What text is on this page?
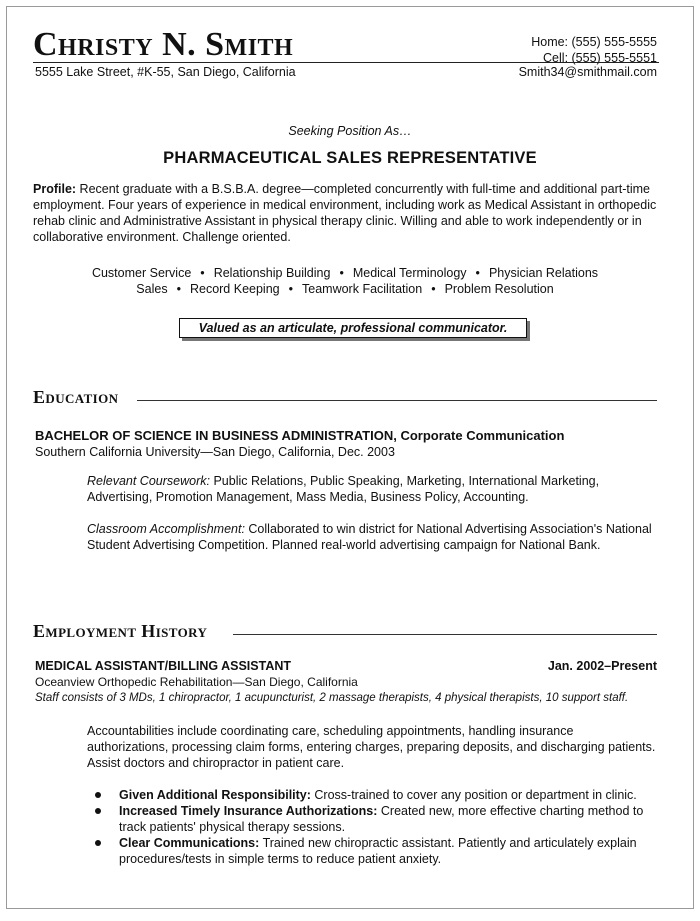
Christy N. Smith	Home: (555) 555-5555
Cell: (555) 555-5551
5555 Lake Street, #K-55, San Diego, California	Smith34@smithmail.com
Seeking Position As…
PHARMACEUTICAL SALES REPRESENTATIVE
Profile: Recent graduate with a B.S.B.A. degree—completed concurrently with full-time and additional part-time employment. Four years of experience in medical environment, including work as Medical Assistant in orthopedic rehab clinic and Administrative Assistant in physical therapy clinic. Willing and able to work independently or in collaborative environment. Challenge oriented.
Customer Service • Relationship Building • Medical Terminology • Physician Relations
Sales • Record Keeping • Teamwork Facilitation • Problem Resolution
Valued as an articulate, professional communicator.
Education
BACHELOR OF SCIENCE IN BUSINESS ADMINISTRATION, Corporate Communication
Southern California University—San Diego, California, Dec. 2003
Relevant Coursework: Public Relations, Public Speaking, Marketing, International Marketing, Advertising, Promotion Management, Mass Media, Business Policy, Accounting.
Classroom Accomplishment: Collaborated to win district for National Advertising Association's National Student Advertising Competition. Planned real-world advertising campaign for National Bank.
Employment History
MEDICAL ASSISTANT/BILLING ASSISTANT	Jan. 2002–Present
Oceanview Orthopedic Rehabilitation—San Diego, California
Staff consists of 3 MDs, 1 chiropractor, 1 acupuncturist, 2 massage therapists, 4 physical therapists, 10 support staff.
Accountabilities include coordinating care, scheduling appointments, handling insurance authorizations, processing claim forms, entering charges, preparing deposits, and discharging patients. Assist doctors and chiropractor in patient care.
Given Additional Responsibility: Cross-trained to cover any position or department in clinic.
Increased Timely Insurance Authorizations: Created new, more effective charting method to track patients' physical therapy sessions.
Clear Communications: Trained new chiropractic assistant. Patiently and articulately explain procedures/tests in simple terms to reduce patient anxiety.
